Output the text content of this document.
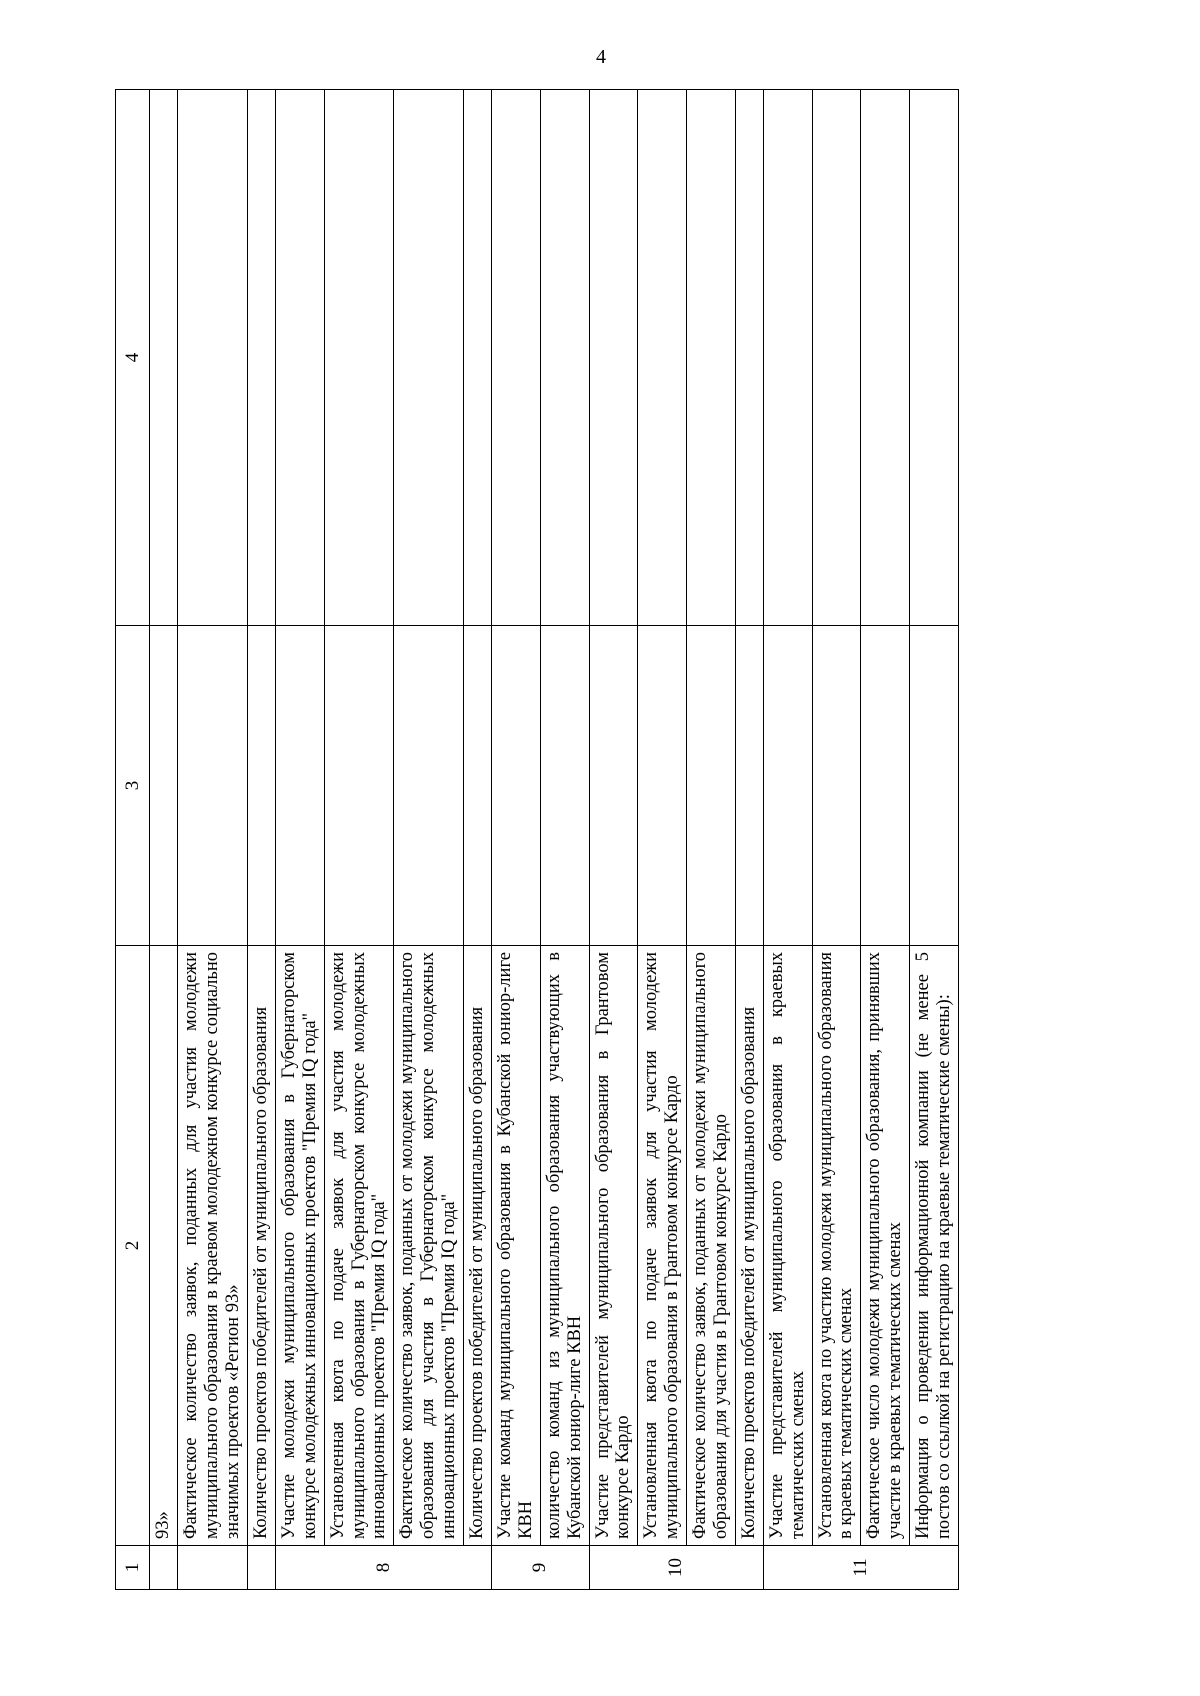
4
1	2	3	4
	93»		
	Фактическое количество заявок, поданных для участия молодежи муниципального образования в краевом молодежном конкурсе социально значимых проектов «Регион 93»		
	Количество проектов победителей от муниципального образования		
8	Участие молодежи муниципального образования в Губернаторском конкурсе молодежных инновационных проектов "Премия IQ года"		
	Установленная квота по подаче заявок для участия молодежи муниципального образования в Губернаторском конкурсе молодежных инновационных проектов "Премия IQ года"		
	Фактическое количество заявок, поданных от молодежи муниципального образования для участия в Губернаторском конкурсе молодежных инновационных проектов "Премия IQ года"		
	Количество проектов победителей от муниципального образования		
9	Участие команд муниципального образования в Кубанской юниор-лиге КВН		
	количество команд из муниципального образования участвующих в Кубанской юниор-лиге КВН		
10	Участие представителей муниципального образования в Грантовом конкурсе Кардо		
	Установленная квота по подаче заявок для участия молодежи муниципального образования в Грантовом конкурсе Кардо		
	Фактическое количество заявок, поданных от молодежи муниципального образования для участия в Грантовом конкурсе Кардо		
	Количество проектов победителей от муниципального образования		
11	Участие представителей муниципального образования в краевых тематических сменах		
	Установленная квота по участию молодежи муниципального образования в краевых тематических сменах		
	Фактическое число молодежи муниципального образования, принявших участие в краевых тематических сменах		
	Информация о проведении информационной компании (не менее 5 постов со ссылкой на регистрацию на краевые тематические смены):		
